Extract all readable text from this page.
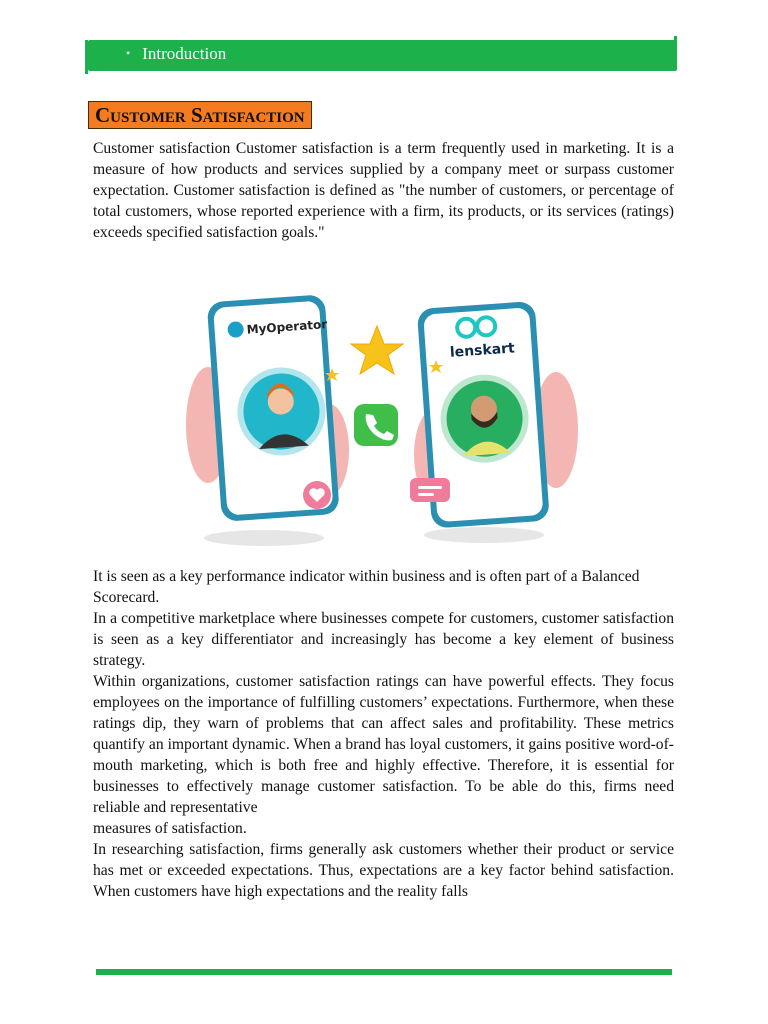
• Introduction
Customer Satisfaction

Customer satisfaction Customer satisfaction is a term frequently used in marketing. It is a measure of how products and services supplied by a company meet or surpass customer expectation. Customer satisfaction is defined as "the number of customers, or percentage of total customers, whose reported experience with a firm, its products, or its services (ratings) exceeds specified satisfaction goals."

MyOperator
lenskart

It is seen as a key performance indicator within business and is often part of a Balanced Scorecard.

In a competitive marketplace where businesses compete for customers, customer satisfaction is seen as a key differentiator and increasingly has become a key element of business strategy.

Within organizations, customer satisfaction ratings can have powerful effects. They focus employees on the importance of fulfilling customers’ expectations. Furthermore, when these ratings dip, they warn of problems that can affect sales and profitability. These metrics quantify an important dynamic. When a brand has loyal customers, it gains positive word-of-mouth marketing, which is both free and highly effective. Therefore, it is essential for businesses to effectively manage customer satisfaction. To be able do this, firms need reliable and representative

measures of satisfaction.

In researching satisfaction, firms generally ask customers whether their product or service has met or exceeded expectations. Thus, expectations are a key factor behind satisfaction. When customers have high expectations and the reality falls
